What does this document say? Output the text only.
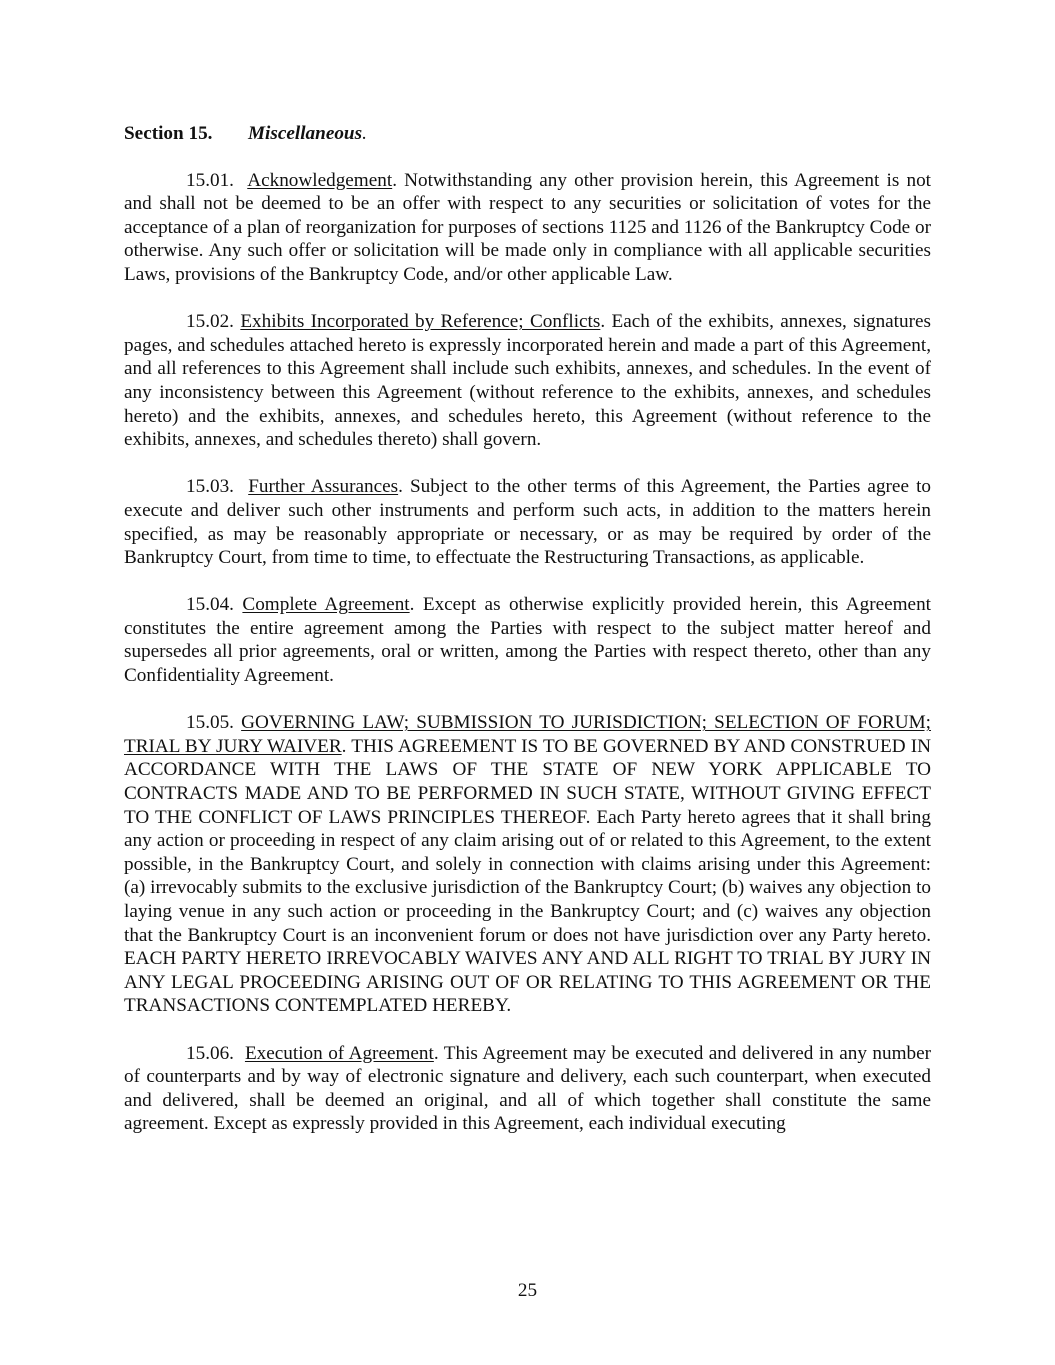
Section 15. Miscellaneous.

15.01. Acknowledgement. Notwithstanding any other provision herein, this Agreement is not and shall not be deemed to be an offer with respect to any securities or solicitation of votes for the acceptance of a plan of reorganization for purposes of sections 1125 and 1126 of the Bankruptcy Code or otherwise. Any such offer or solicitation will be made only in compliance with all applicable securities Laws, provisions of the Bankruptcy Code, and/or other applicable Law.

15.02. Exhibits Incorporated by Reference; Conflicts. Each of the exhibits, annexes, signatures pages, and schedules attached hereto is expressly incorporated herein and made a part of this Agreement, and all references to this Agreement shall include such exhibits, annexes, and schedules. In the event of any inconsistency between this Agreement (without reference to the exhibits, annexes, and schedules hereto) and the exhibits, annexes, and schedules hereto, this Agreement (without reference to the exhibits, annexes, and schedules thereto) shall govern.

15.03. Further Assurances. Subject to the other terms of this Agreement, the Parties agree to execute and deliver such other instruments and perform such acts, in addition to the matters herein specified, as may be reasonably appropriate or necessary, or as may be required by order of the Bankruptcy Court, from time to time, to effectuate the Restructuring Transactions, as applicable.

15.04. Complete Agreement. Except as otherwise explicitly provided herein, this Agreement constitutes the entire agreement among the Parties with respect to the subject matter hereof and supersedes all prior agreements, oral or written, among the Parties with respect thereto, other than any Confidentiality Agreement.

15.05. GOVERNING LAW; SUBMISSION TO JURISDICTION; SELECTION OF FORUM; TRIAL BY JURY WAIVER. THIS AGREEMENT IS TO BE GOVERNED BY AND CONSTRUED IN ACCORDANCE WITH THE LAWS OF THE STATE OF NEW YORK APPLICABLE TO CONTRACTS MADE AND TO BE PERFORMED IN SUCH STATE, WITHOUT GIVING EFFECT TO THE CONFLICT OF LAWS PRINCIPLES THEREOF. Each Party hereto agrees that it shall bring any action or proceeding in respect of any claim arising out of or related to this Agreement, to the extent possible, in the Bankruptcy Court, and solely in connection with claims arising under this Agreement: (a) irrevocably submits to the exclusive jurisdiction of the Bankruptcy Court; (b) waives any objection to laying venue in any such action or proceeding in the Bankruptcy Court; and (c) waives any objection that the Bankruptcy Court is an inconvenient forum or does not have jurisdiction over any Party hereto. EACH PARTY HERETO IRREVOCABLY WAIVES ANY AND ALL RIGHT TO TRIAL BY JURY IN ANY LEGAL PROCEEDING ARISING OUT OF OR RELATING TO THIS AGREEMENT OR THE TRANSACTIONS CONTEMPLATED HEREBY.

15.06. Execution of Agreement. This Agreement may be executed and delivered in any number of counterparts and by way of electronic signature and delivery, each such counterpart, when executed and delivered, shall be deemed an original, and all of which together shall constitute the same agreement. Except as expressly provided in this Agreement, each individual executing

25
